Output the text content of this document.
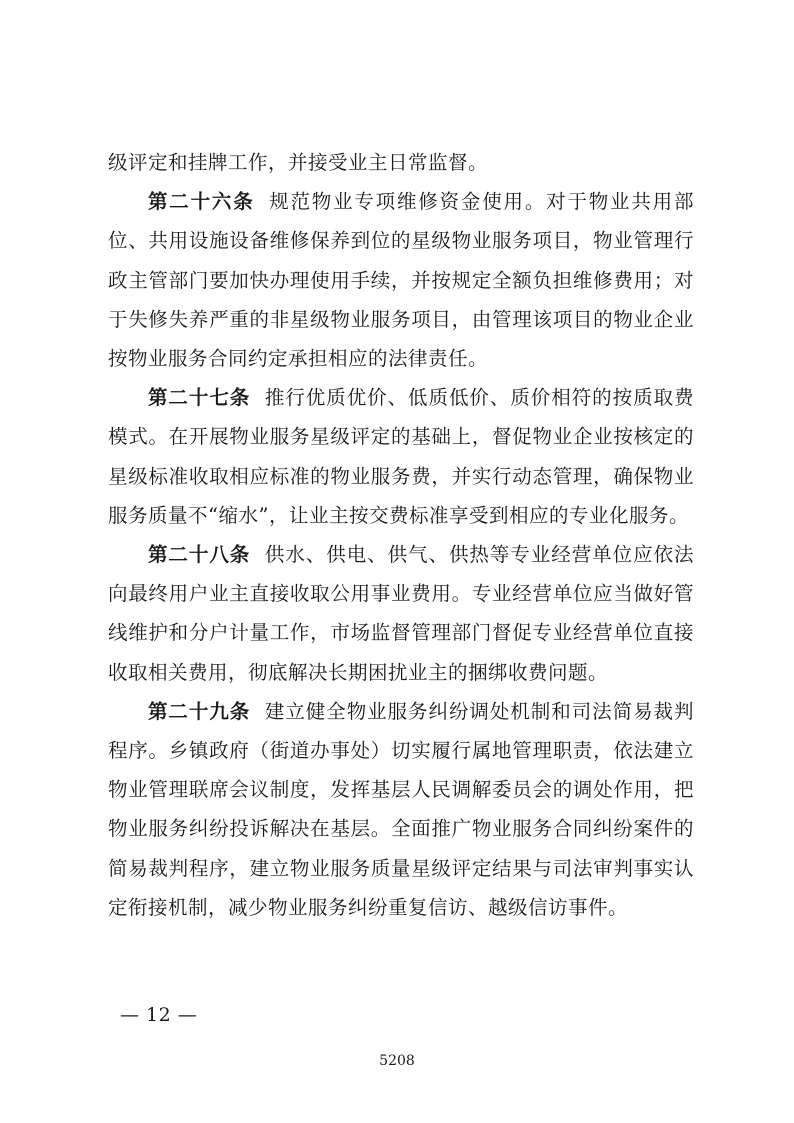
级评定和挂牌工作，并接受业主日常监督。

第二十六条 规范物业专项维修资金使用。对于物业共用部位、共用设施设备维修保养到位的星级物业服务项目，物业管理行政主管部门要加快办理使用手续，并按规定全额负担维修费用；对于失修失养严重的非星级物业服务项目，由管理该项目的物业企业按物业服务合同约定承担相应的法律责任。

第二十七条 推行优质优价、低质低价、质价相符的按质取费模式。在开展物业服务星级评定的基础上，督促物业企业按核定的星级标准收取相应标准的物业服务费，并实行动态管理，确保物业服务质量不“缩水”，让业主按交费标准享受到相应的专业化服务。

第二十八条 供水、供电、供气、供热等专业经营单位应依法向最终用户业主直接收取公用事业费用。专业经营单位应当做好管线维护和分户计量工作，市场监督管理部门督促专业经营单位直接收取相关费用，彻底解决长期困扰业主的捆绑收费问题。

第二十九条 建立健全物业服务纠纷调处机制和司法简易裁判程序。乡镇政府（街道办事处）切实履行属地管理职责，依法建立物业管理联席会议制度，发挥基层人民调解委员会的调处作用，把物业服务纠纷投诉解决在基层。全面推广物业服务合同纠纷案件的简易裁判程序，建立物业服务质量星级评定结果与司法审判事实认定衔接机制，减少物业服务纠纷重复信访、越级信访事件。

— 12 —
5208
